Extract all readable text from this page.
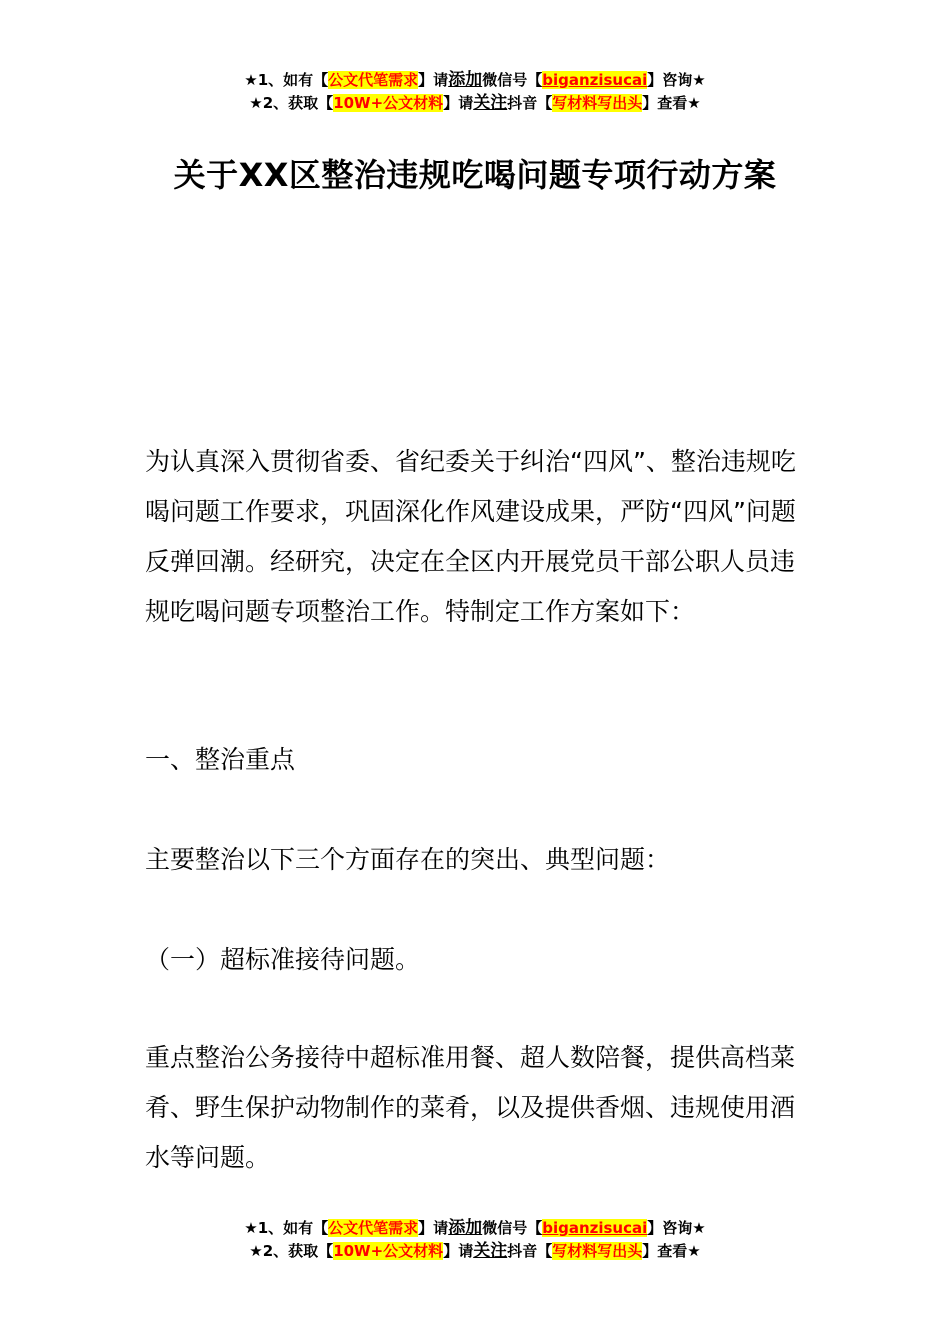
★1、如有【公文代笔需求】请添加微信号【biganzisucai】咨询★
★2、获取【10W+公文材料】请关注抖音【写材料写出头】查看★
关于XX区整治违规吃喝问题专项行动方案

为认真深入贯彻省委、省纪委关于纠治“四风”、整治违规吃喝问题工作要求，巩固深化作风建设成果，严防“四风”问题反弹回潮。经研究，决定在全区内开展党员干部公职人员违规吃喝问题专项整治工作。特制定工作方案如下：

一、整治重点

主要整治以下三个方面存在的突出、典型问题：

（一）超标准接待问题。

重点整治公务接待中超标准用餐、超人数陪餐，提供高档菜肴、野生保护动物制作的菜肴，以及提供香烟、违规使用酒水等问题。

★1、如有【公文代笔需求】请添加微信号【biganzisucai】咨询★
★2、获取【10W+公文材料】请关注抖音【写材料写出头】查看★
